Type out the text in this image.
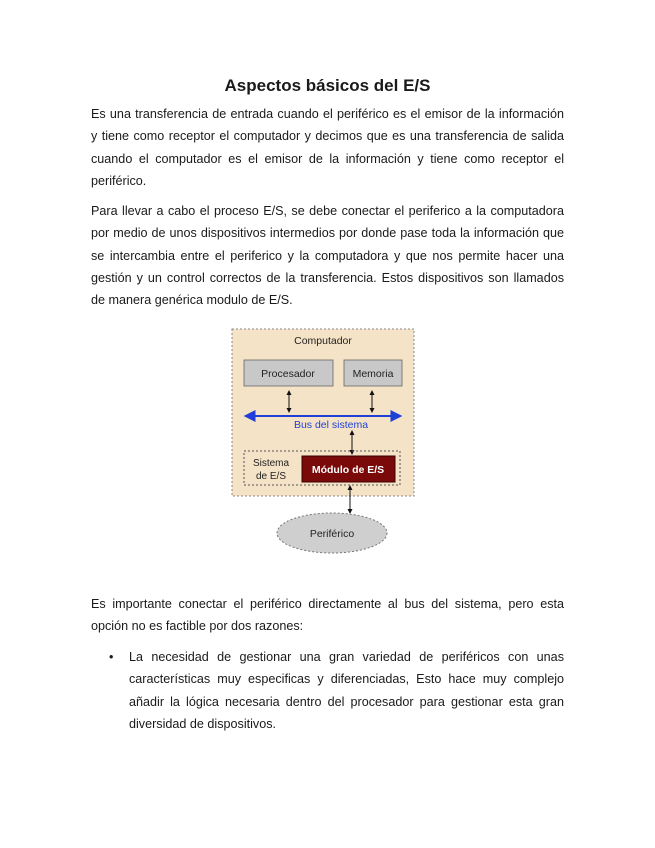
Aspectos básicos del E/S

Es una transferencia de entrada cuando el periférico es el emisor de la información y tiene como receptor el computador y decimos que es una transferencia de salida cuando el computador es el emisor de la información y tiene como receptor el periférico.

Para llevar a cabo el proceso E/S, se debe conectar el periferico a la computadora por medio de unos dispositivos intermedios por donde pase toda la información que se intercambia entre el periferico y la computadora y que nos permite hacer una gestión y un control correctos de la transferencia. Estos dispositivos son llamados de manera genérica modulo de E/S.

Computador
Procesador	Memoria
Bus del sistema
Sistema
de E/S
Módulo de E/S
Periférico

Es importante conectar el periférico directamente al bus del sistema, pero esta opción no es factible por dos razones:

• La necesidad de gestionar una gran variedad de periféricos con unas características muy especificas y diferenciadas, Esto hace muy complejo añadir la lógica necesaria dentro del procesador para gestionar esta gran diversidad de dispositivos.
